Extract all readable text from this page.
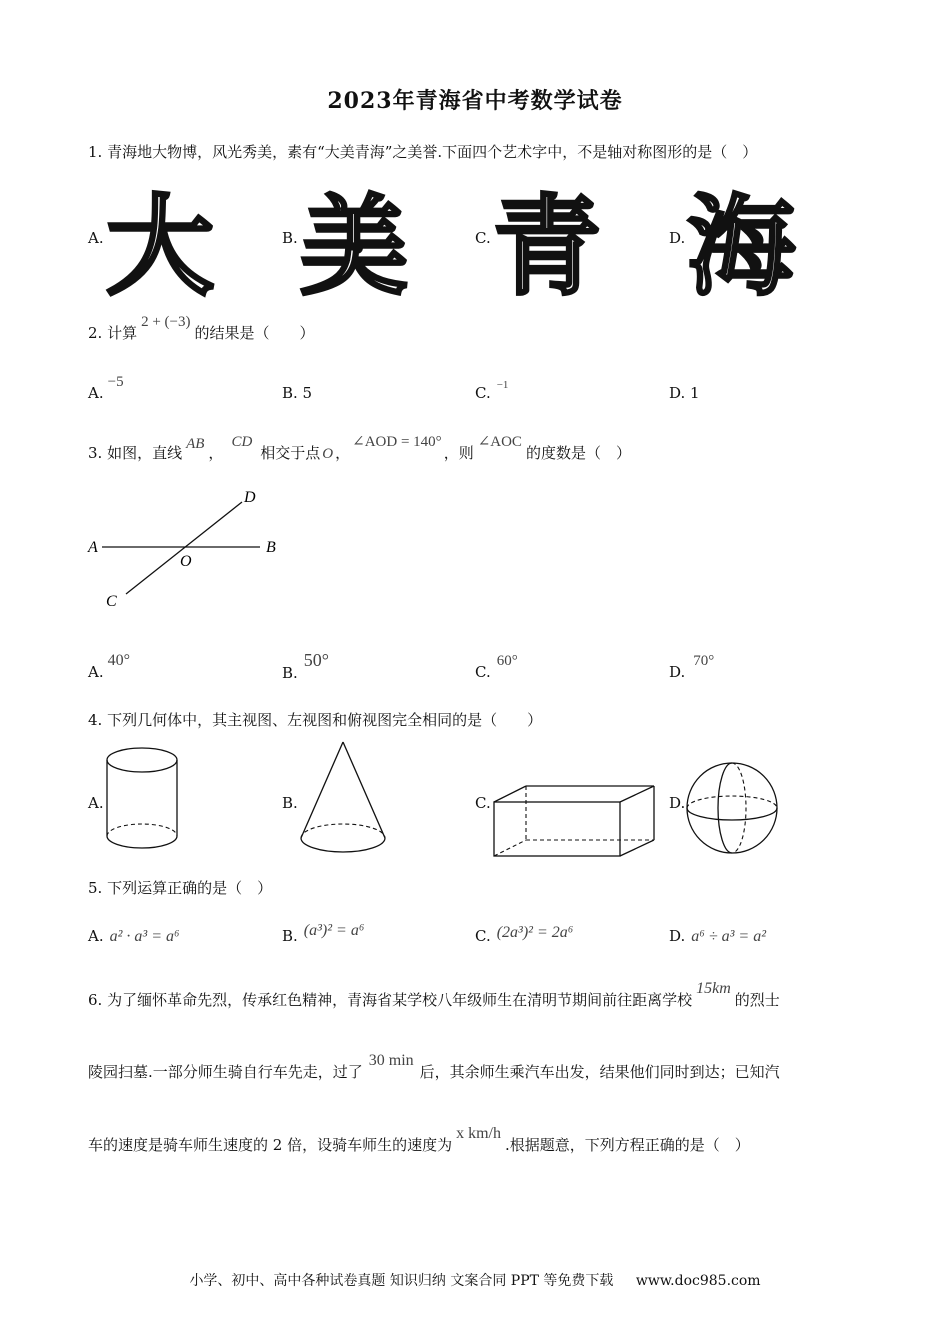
2023年青海省中考数学试卷
1. 青海地大物博，风光秀美，素有“大美青海”之美誉.下面四个艺术字中，不是轴对称图形的是（　）
A. 大	B. 美	C. 青	D. 海
2. 计算2 + (−3)的结果是（　　）
A.−5
B. 5	C. $^{-1}$	D. 1
3. 如图，直线 AB ，CD相交于点 O ，∠AOD = 140°，则∠AOC的度数是（　）
A	B
C
D
O
A.40°
B.50°
C.60°
D.70°
4. 下列几何体中，其主视图、左视图和俯视图完全相同的是（　　）
A.	B.	C.	D.
5. 下列运算正确的是（　）
A. a² · a³ = a⁶	B. (a³)² = a⁶	C. (2a³)² = 2a⁶	D. a⁶ ÷ a³ = a²
6. 为了缅怀革命先烈，传承红色精神，青海省某学校八年级师生在清明节期间前往距离学校15km的烈士
陵园扫墓.一部分师生骑自行车先走，过了30 min后，其余师生乘汽车出发，结果他们同时到达；已知汽
车的速度是骑车师生速度的 2 倍，设骑车师生的速度为x km/h.根据题意，下列方程正确的是（　）
小学、初中、高中各种试卷真题 知识归纳 文案合同 PPT 等免费下载 www.doc985.com
